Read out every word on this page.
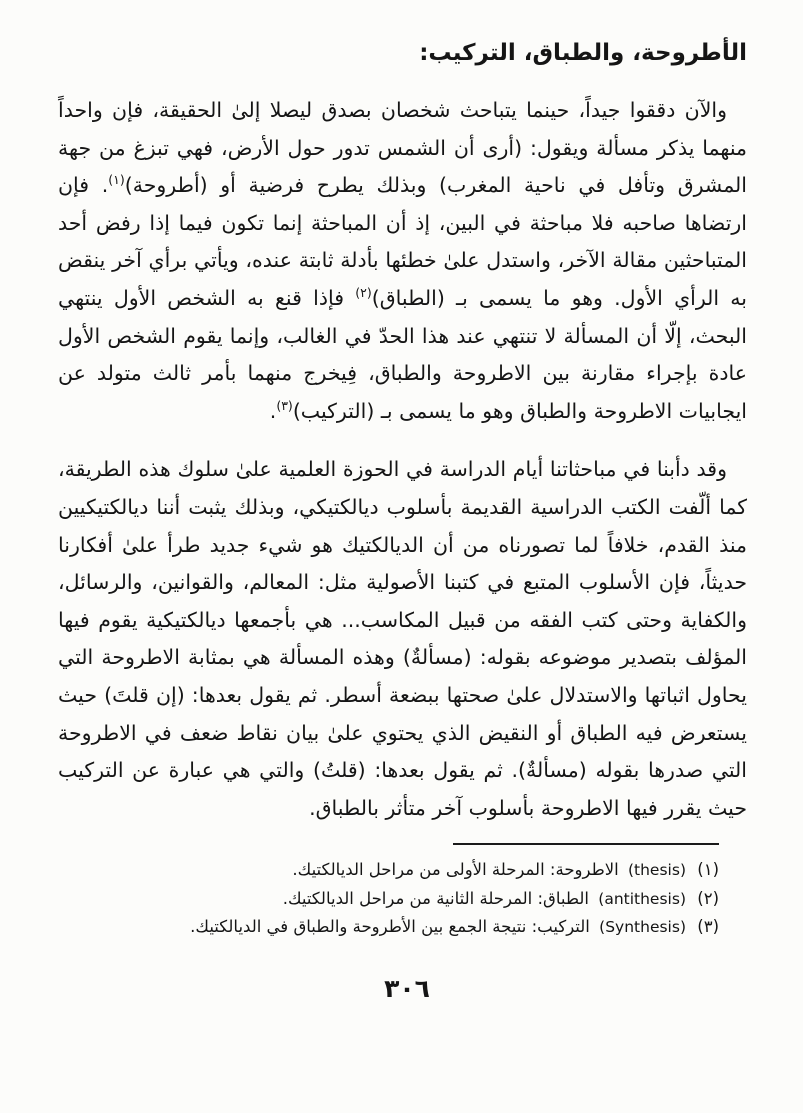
الأطروحة، والطباق، التركيب:

والآن دققوا جيداً، حينما يتباحث شخصان بصدق ليصلا إلىٰ الحقيقة، فإن واحداً منهما يذكر مسألة ويقول: (أرى أن الشمس تدور حول الأرض، فهي تبزغ من جهة المشرق وتأفل في ناحية المغرب) وبذلك يطرح فرضية أو (أطروحة)$^{(١)}$. فإن ارتضاها صاحبه فلا مباحثة في البين، إذ أن المباحثة إنما تكون فيما إذا رفض أحد المتباحثين مقالة الآخر، واستدل علىٰ خطئها بأدلة ثابتة عنده، ويأتي برأي آخر ينقض به الرأي الأول. وهو ما يسمى بـ (الطباق)$^{(٢)}$ فإذا قنع به الشخص الأول ينتهي البحث، إلّا أن المسألة لا تنتهي عند هذا الحدّ في الغالب، وإنما يقوم الشخص الأول عادة بإجراء مقارنة بين الاطروحة والطباق، فِيخرج منهما بأمر ثالث متولد عن ايجابيات الاطروحة والطباق وهو ما يسمى بـ (التركيب)$^{(٣)}$.

وقد دأبنا في مباحثاتنا أيام الدراسة في الحوزة العلمية علىٰ سلوك هذه الطريقة، كما ألّفت الكتب الدراسية القديمة بأسلوب ديالكتيكي، وبذلك يثبت أننا ديالكتيكيين منذ القدم، خلافاً لما تصورناه من أن الديالكتيك هو شيء جديد طرأ علىٰ أفكارنا حديثاً، فإن الأسلوب المتبع في كتبنا الأصولية مثل: المعالم، والقوانين، والرسائل، والكفاية وحتى كتب الفقه من قبيل المكاسب... هي بأجمعها ديالكتيكية يقوم فيها المؤلف بتصدير موضوعه بقوله: (مسألةٌ) وهذه المسألة هي بمثابة الاطروحة التي يحاول اثباتها والاستدلال علىٰ صحتها ببضعة أسطر. ثم يقول بعدها: (إن قلتَ) حيث يستعرض فيه الطباق أو النقيض الذي يحتوي علىٰ بيان نقاط ضعف في الاطروحة التي صدرها بقوله (مسألةٌ). ثم يقول بعدها: (قلتُ) والتي هي عبارة عن التركيب حيث يقرر فيها الاطروحة بأسلوب آخر متأثر بالطباق.

(١) (thesis) الاطروحة: المرحلة الأولى من مراحل الديالكتيك.
(٢) (antithesis) الطباق: المرحلة الثانية من مراحل الديالكتيك.
(٣) (Synthesis) التركيب: نتيجة الجمع بين الأطروحة والطباق في الديالكتيك.
٣٠٦
